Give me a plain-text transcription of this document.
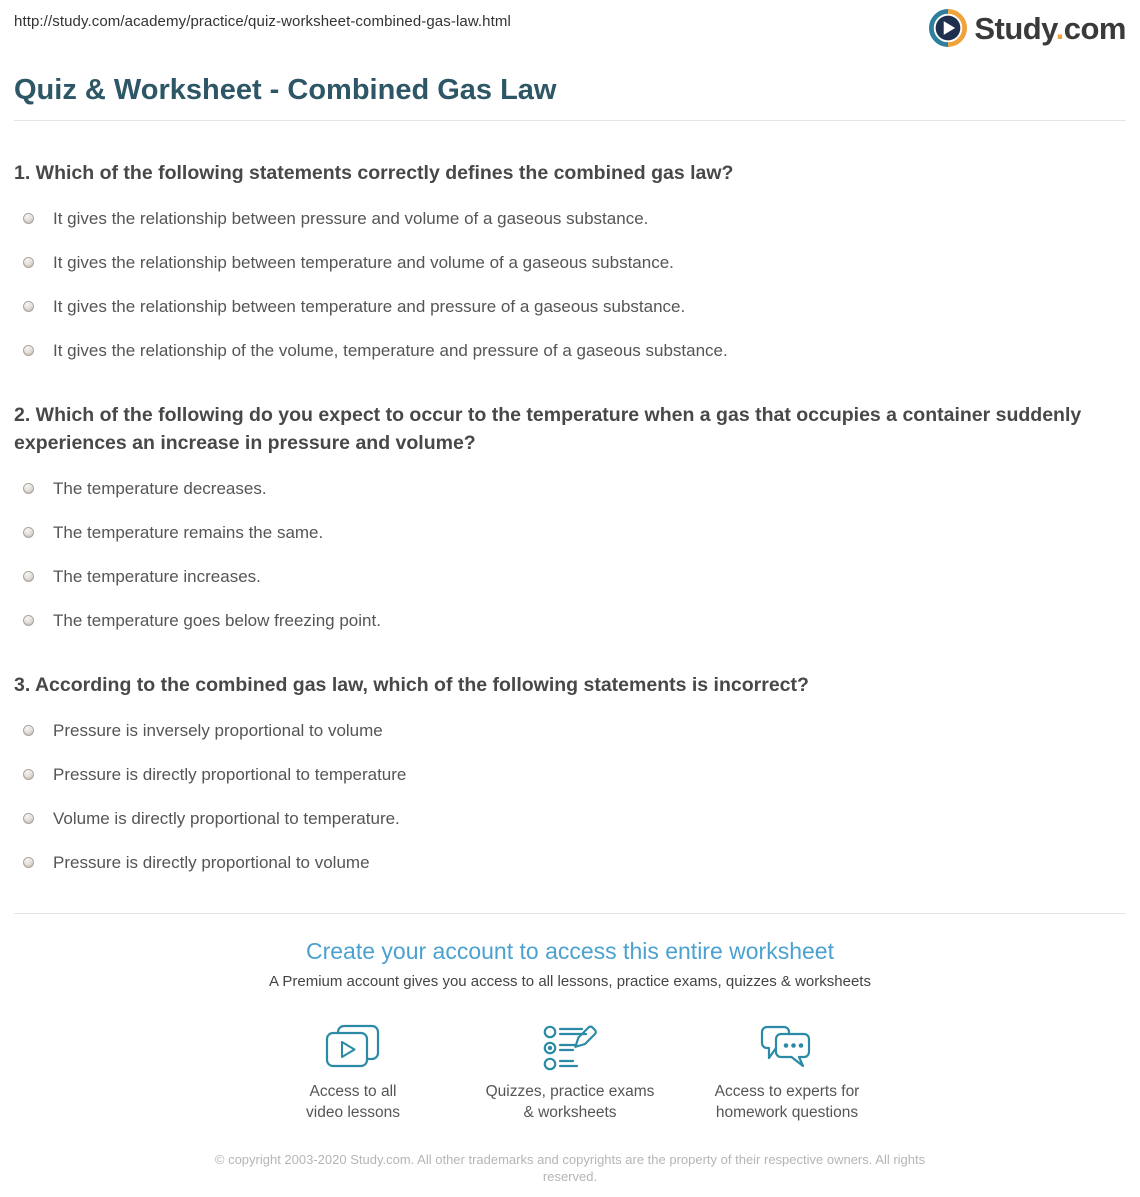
http://study.com/academy/practice/quiz-worksheet-combined-gas-law.html	Study.com
Quiz & Worksheet - Combined Gas Law
1. Which of the following statements correctly defines the combined gas law?
It gives the relationship between pressure and volume of a gaseous substance.
It gives the relationship between temperature and volume of a gaseous substance.
It gives the relationship between temperature and pressure of a gaseous substance.
It gives the relationship of the volume, temperature and pressure of a gaseous substance.
2. Which of the following do you expect to occur to the temperature when a gas that occupies a container suddenly experiences an increase in pressure and volume?
The temperature decreases.
The temperature remains the same.
The temperature increases.
The temperature goes below freezing point.
3. According to the combined gas law, which of the following statements is incorrect?
Pressure is inversely proportional to volume
Pressure is directly proportional to temperature
Volume is directly proportional to temperature.
Pressure is directly proportional to volume
Create your account to access this entire worksheet
A Premium account gives you access to all lessons, practice exams, quizzes & worksheets
Access to all
video lessons
Quizzes, practice exams
& worksheets
Access to experts for
homework questions
© copyright 2003-2020 Study.com. All other trademarks and copyrights are the property of their respective owners. All rights reserved.
